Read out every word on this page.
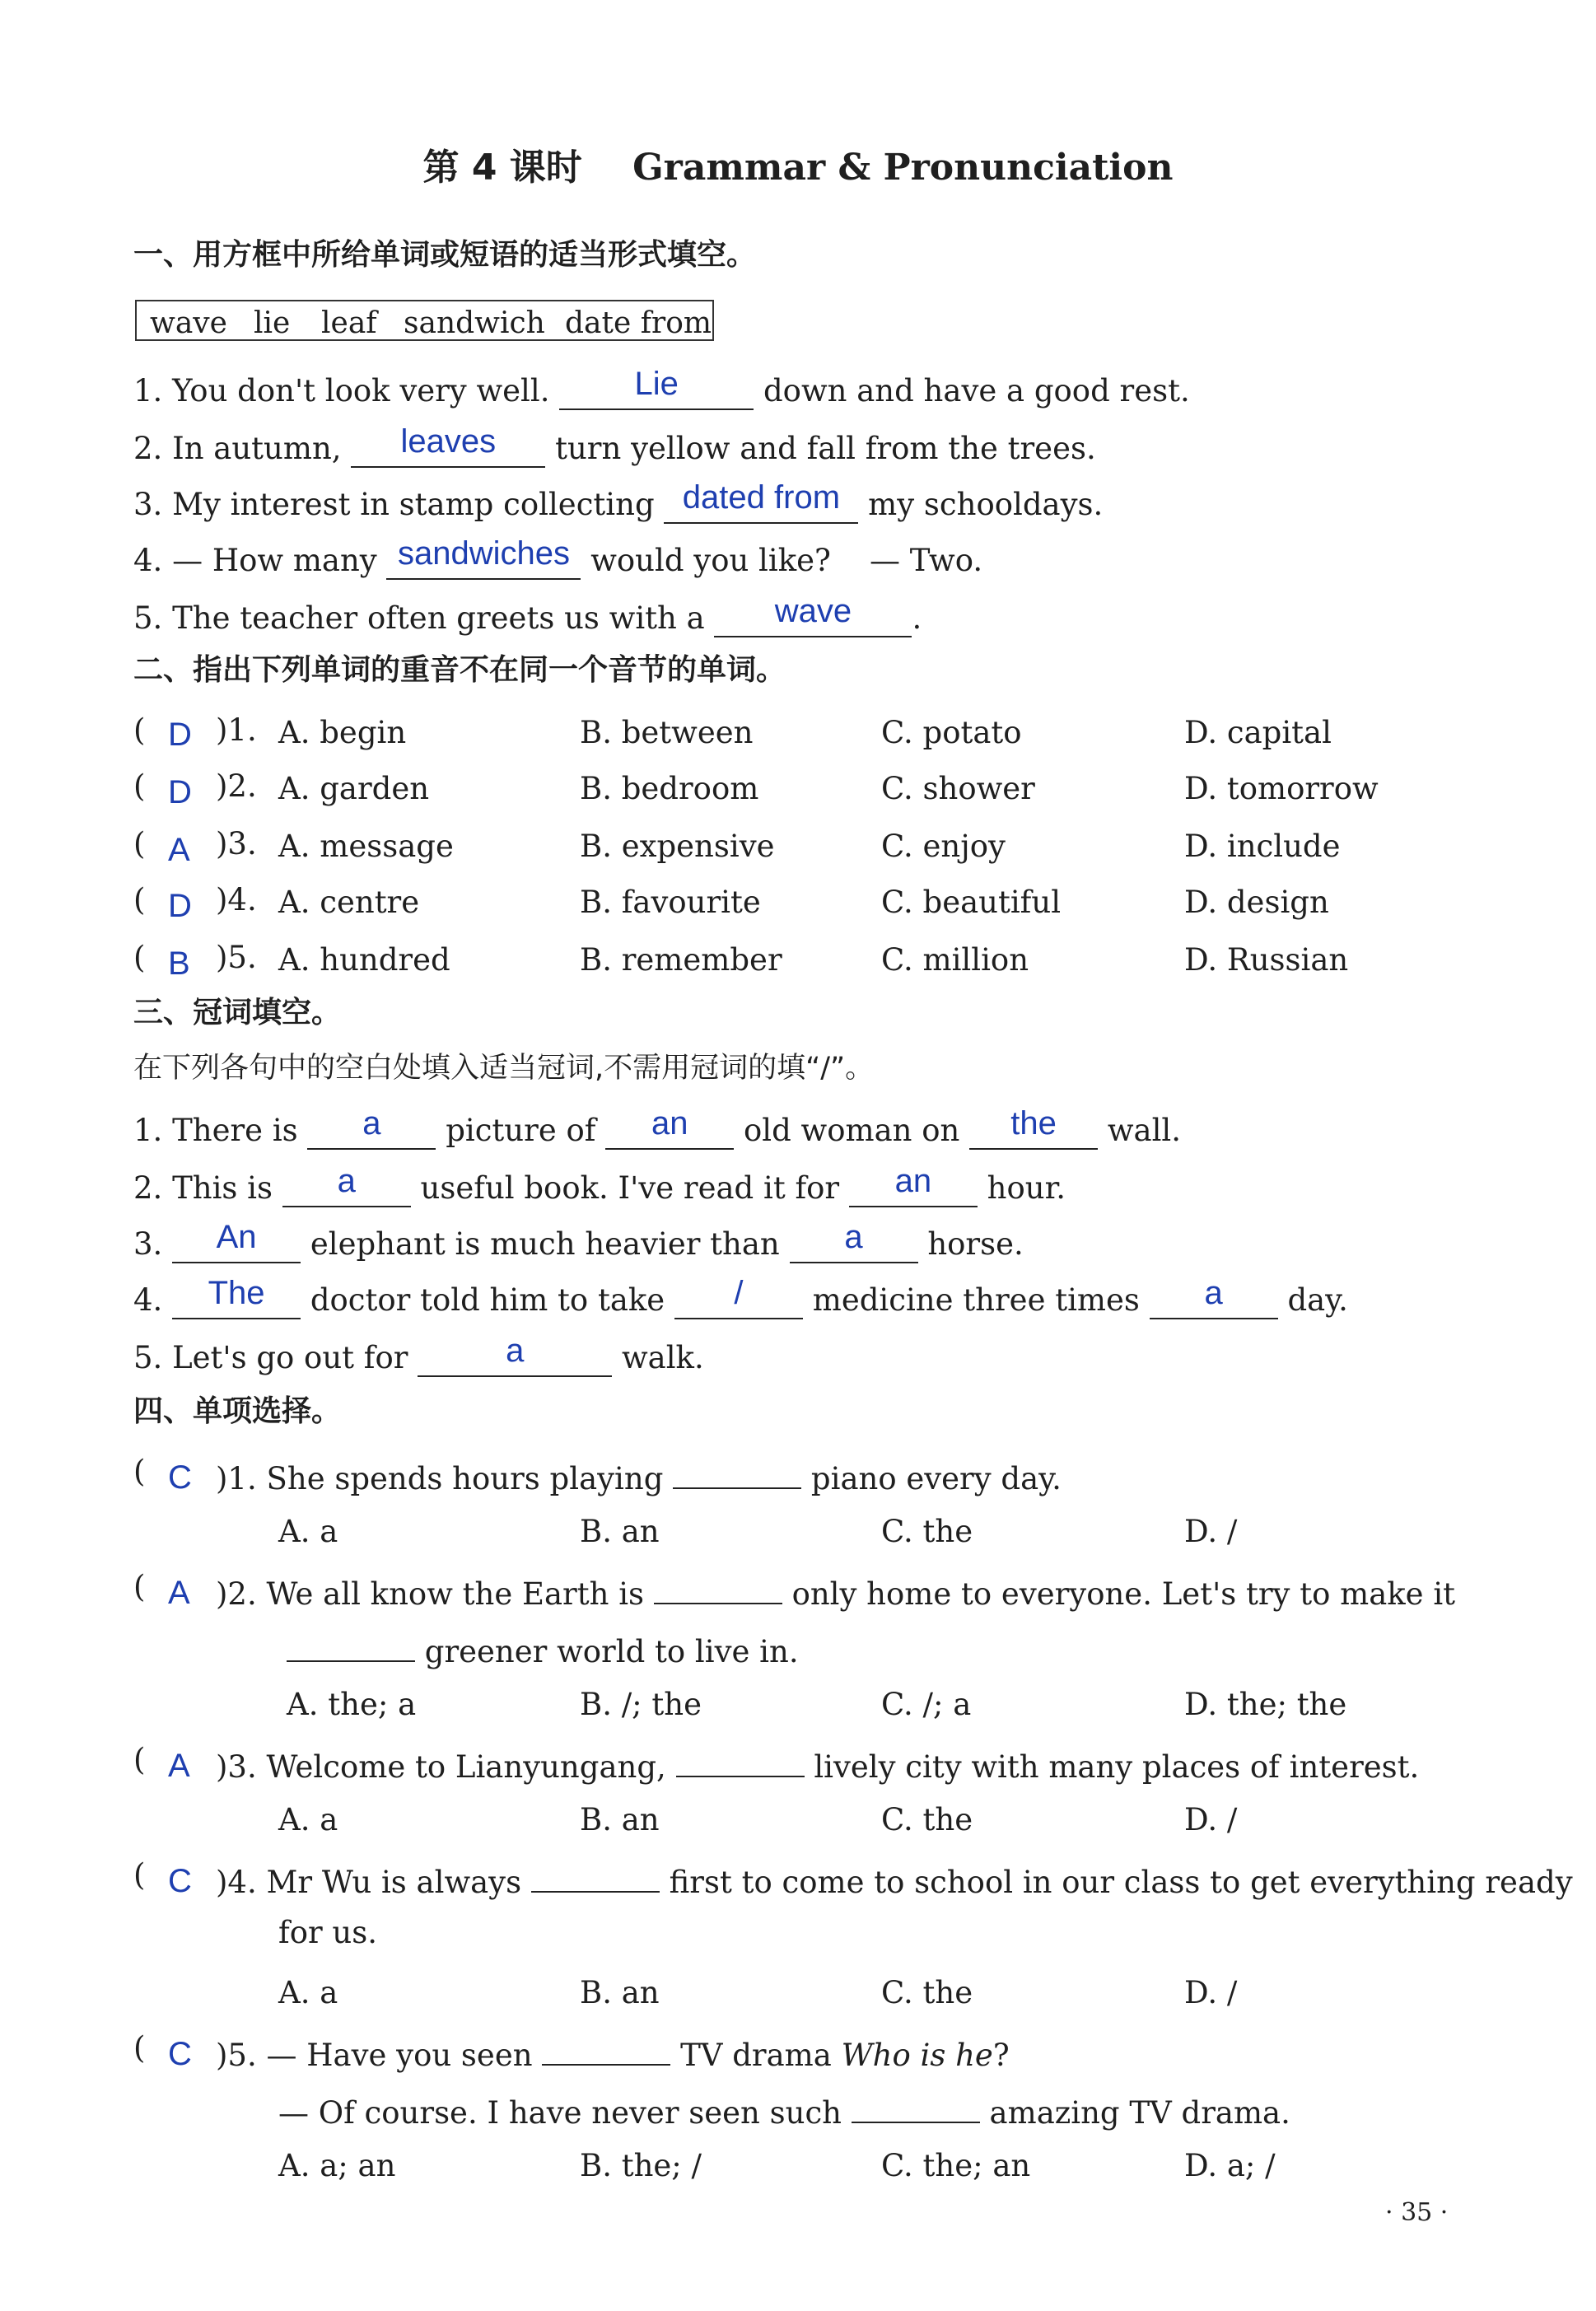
第 4 课时 Grammar & Pronunciation
一、用方框中所给单词或短语的适当形式填空。
wave lie leaf sandwich date from
1. You don't look very well.	Lie	down and have a good rest.
2. In autumn, leaves turn yellow and fall from the trees.
3. My interest in stamp collecting dated from my schooldays.
4. — How many sandwiches would you like? — Two.
5. The teacher often greets us with a wave .
二、指出下列单词的重音不在同一个音节的单词。
( D )1. A. begin	B. between	C. potato	D. capital
( D )2. A. garden	B. bedroom	C. shower	D. tomorrow
( A )3. A. message	B. expensive	C. enjoy	D. include
( D )4. A. centre	B. favourite	C. beautiful	D. design
( B )5. A. hundred	B. remember	C. million	D. Russian
三、冠词填空。
在下列各句中的空白处填入适当冠词,不需用冠词的填“/”。
1. There is a picture of an old woman on the wall.
2. This is a useful book. I've read it for an hour.
3. An elephant is much heavier than a horse.
4. The doctor told him to take / medicine three times a day.
5. Let's go out for	a	walk.
四、单项选择。
( C )1. She spends hours playing	piano every day.
A. a	B. an	C. the	D. /
( A )2. We all know the Earth is	only home to everyone. Let's try to make it
greener world to live in.
A. the; a	B. /; the	C. /; a	D. the; the
( A )3. Welcome to Lianyungang,	lively city with many places of interest.
A. a	B. an	C. the	D. /
( C )4. Mr Wu is always	first to come to school in our class to get everything ready
for us.
A. a	B. an	C. the	D. /
( C )5. — Have you seen	TV drama Who is he?
— Of course. I have never seen such	amazing TV drama.
A. a; an	B. the; /	C. the; an	D. a; /
· 35 ·
